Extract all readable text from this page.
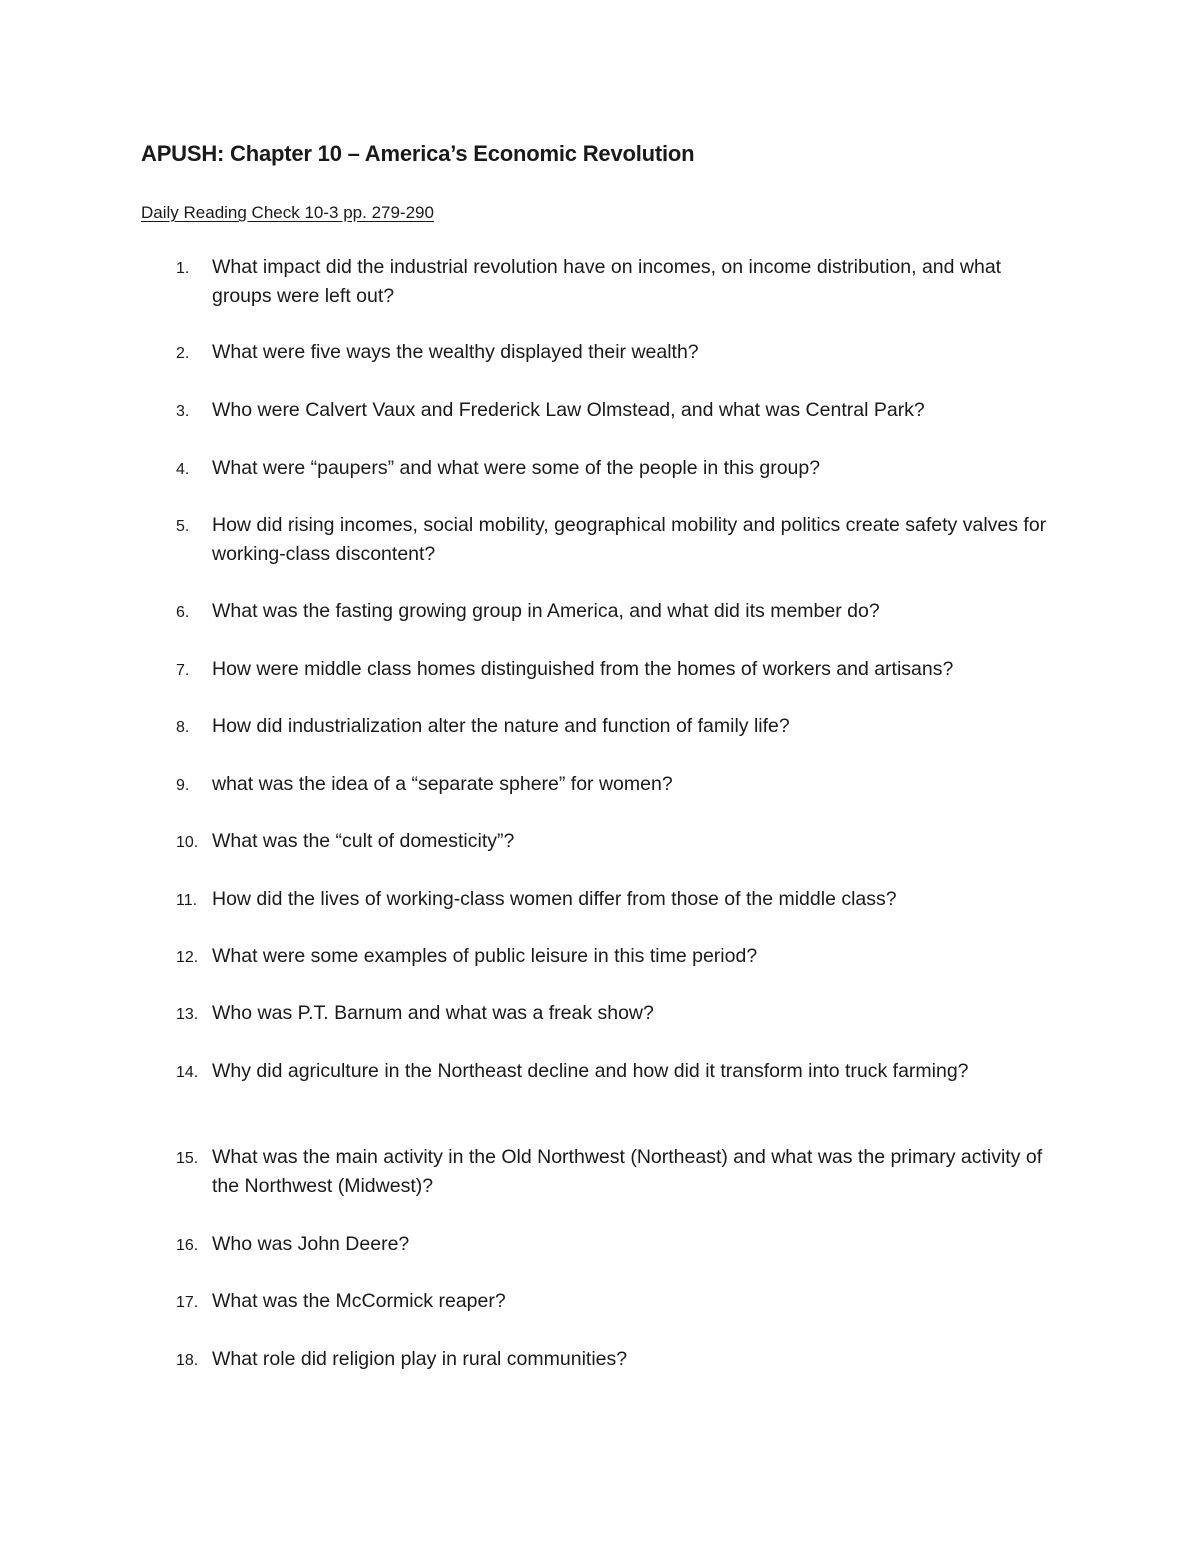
APUSH: Chapter 10 – America’s Economic Revolution
Daily Reading Check 10-3 pp. 279-290
1.	What impact did the industrial revolution have on incomes, on income distribution, and what groups were left out?
2.	What were five ways the wealthy displayed their wealth?
3.	Who were Calvert Vaux and Frederick Law Olmstead, and what was Central Park?
4.	What were “paupers” and what were some of the people in this group?
5.	How did rising incomes, social mobility, geographical mobility and politics create safety valves for working-class discontent?
6.	What was the fasting growing group in America, and what did its member do?
7.	How were middle class homes distinguished from the homes of workers and artisans?
8.	How did industrialization alter the nature and function of family life?
9.	what was the idea of a “separate sphere” for women?
10. What was the “cult of domesticity”?
11. How did the lives of working-class women differ from those of the middle class?
12. What were some examples of public leisure in this time period?
13. Who was P.T. Barnum and what was a freak show?
14. Why did agriculture in the Northeast decline and how did it transform into truck farming?
15. What was the main activity in the Old Northwest (Northeast) and what was the primary activity of the Northwest (Midwest)?
16. Who was John Deere?
17. What was the McCormick reaper?
18. What role did religion play in rural communities?
